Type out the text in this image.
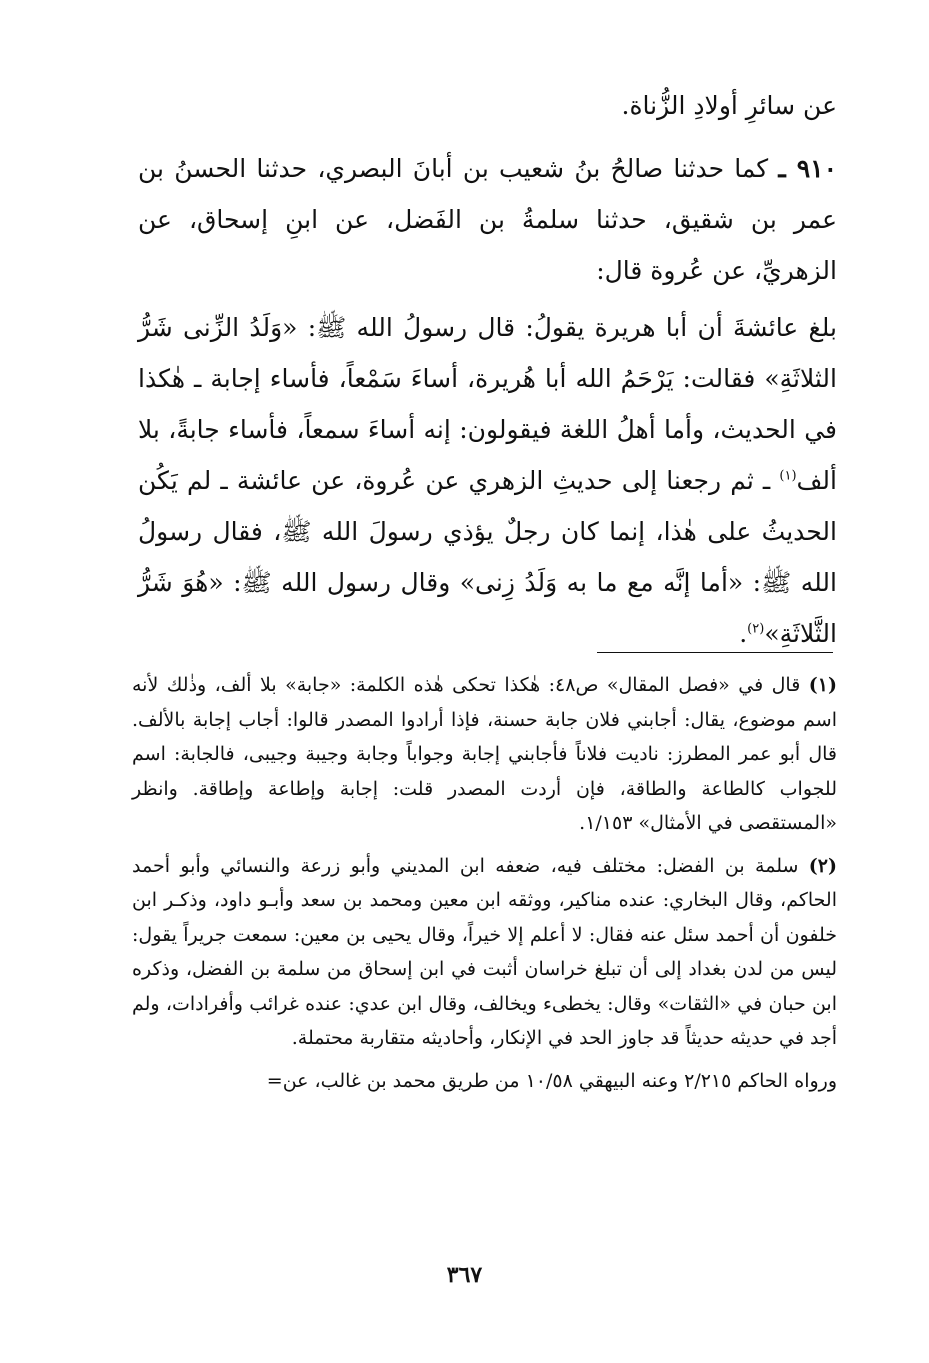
عن سائرِ أولادِ الزُّناة.

٩١٠ ـ كما حدثنا صالحُ بنُ شعيب بن أبانَ البصري، حدثنا الحسنُ بن عمر بن شقيق، حدثنا سلمةُ بن الفَضل، عن ابنِ إسحاق، عن الزهريِّ، عن عُروة قال:

بلغ عائشةَ أن أبا هريرة يقولُ: قال رسولُ الله ﷺ: «وَلَدُ الزِّنى شَرُّ الثلاثَةِ» فقالت: يَرْحَمُ الله أبا هُريرة، أساءَ سَمْعاً، فأساء إجابة ـ هٰكذا في الحديث، وأما أهلُ اللغة فيقولون: إنه أساءَ سمعاً، فأساء جابةً، بلا ألف$^{(١)}$ ـ ثم رجعنا إلى حديثِ الزهري عن عُروة، عن عائشة ـ لم يَكُن الحديثُ على هٰذا، إنما كان رجلٌ يؤذي رسولَ الله ﷺ، فقال رسولُ الله ﷺ: «أما إنَّه مع ما به وَلَدُ زِنى» وقال رسول الله ﷺ: «هُوَ شَرُّ الثَّلاثَةِ»$^{(٢)}$.

(١) قال في «فصل المقال» ص٤٨: هٰكذا تحكى هٰذه الكلمة: «جابة» بلا ألف، وذٰلك لأنه اسم موضوع، يقال: أجابني فلان جابة حسنة، فإذا أرادوا المصدر قالوا: أجاب إجابة بالألف. قال أبو عمر المطرز: ناديت فلاناً فأجابني إجابة وجواباً وجابة وجيبة وجيبى، فالجابة: اسم للجواب كالطاعة والطاقة، فإن أردت المصدر قلت: إجابة وإطاعة وإطاقة. وانظر «المستقصى في الأمثال» ١/١٥٣.

(٢) سلمة بن الفضل: مختلف فيه، ضعفه ابن المديني وأبو زرعة والنسائي وأبو أحمد الحاكم، وقال البخاري: عنده مناكير، ووثقه ابن معين ومحمد بن سعد وأبـو داود، وذكـر ابن خلفون أن أحمد سئل عنه فقال: لا أعلم إلا خيراً، وقال يحيى بن معين: سمعت جريراً يقول: ليس من لدن بغداد إلى أن تبلغ خراسان أثبت في ابن إسحاق من سلمة بن الفضل، وذكره ابن حبان في «الثقات» وقال: يخطىء ويخالف، وقال ابن عدي: عنده غرائب وأفرادات، ولم أجد في حديثه حديثاً قد جاوز الحد في الإنكار، وأحاديثه متقاربة محتملة.

ورواه الحاكم ٢/٢١٥ وعنه البيهقي ١٠/٥٨ من طريق محمد بن غالب، عن=

٣٦٧
